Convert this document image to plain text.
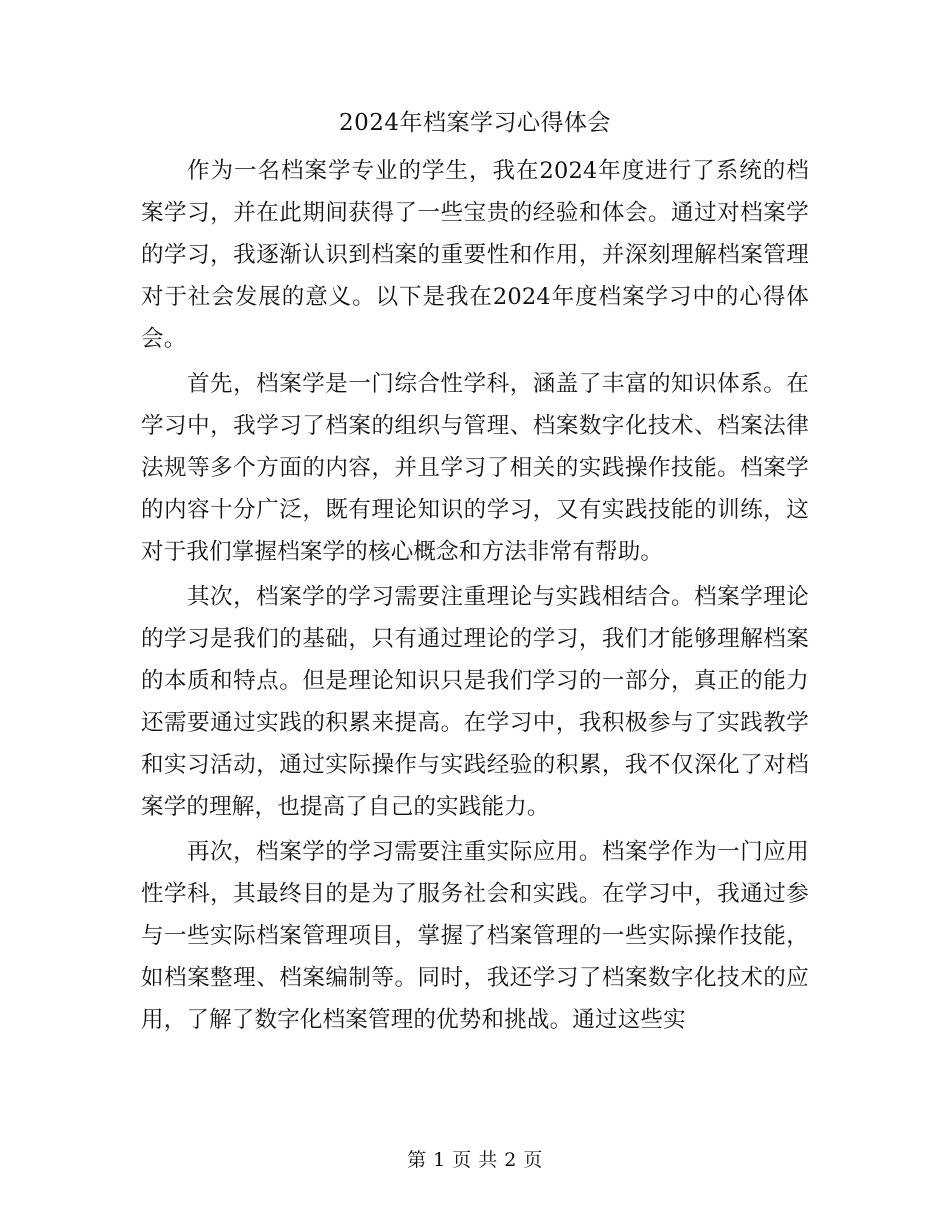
2024年档案学习心得体会

作为一名档案学专业的学生，我在2024年度进行了系统的档案学习，并在此期间获得了一些宝贵的经验和体会。通过对档案学的学习，我逐渐认识到档案的重要性和作用，并深刻理解档案管理对于社会发展的意义。以下是我在2024年度档案学习中的心得体会。

首先，档案学是一门综合性学科，涵盖了丰富的知识体系。在学习中，我学习了档案的组织与管理、档案数字化技术、档案法律法规等多个方面的内容，并且学习了相关的实践操作技能。档案学的内容十分广泛，既有理论知识的学习，又有实践技能的训练，这对于我们掌握档案学的核心概念和方法非常有帮助。

其次，档案学的学习需要注重理论与实践相结合。档案学理论的学习是我们的基础，只有通过理论的学习，我们才能够理解档案的本质和特点。但是理论知识只是我们学习的一部分，真正的能力还需要通过实践的积累来提高。在学习中，我积极参与了实践教学和实习活动，通过实际操作与实践经验的积累，我不仅深化了对档案学的理解，也提高了自己的实践能力。

再次，档案学的学习需要注重实际应用。档案学作为一门应用性学科，其最终目的是为了服务社会和实践。在学习中，我通过参与一些实际档案管理项目，掌握了档案管理的一些实际操作技能，如档案整理、档案编制等。同时，我还学习了档案数字化技术的应用，了解了数字化档案管理的优势和挑战。通过这些实

第 1 页 共 2 页
